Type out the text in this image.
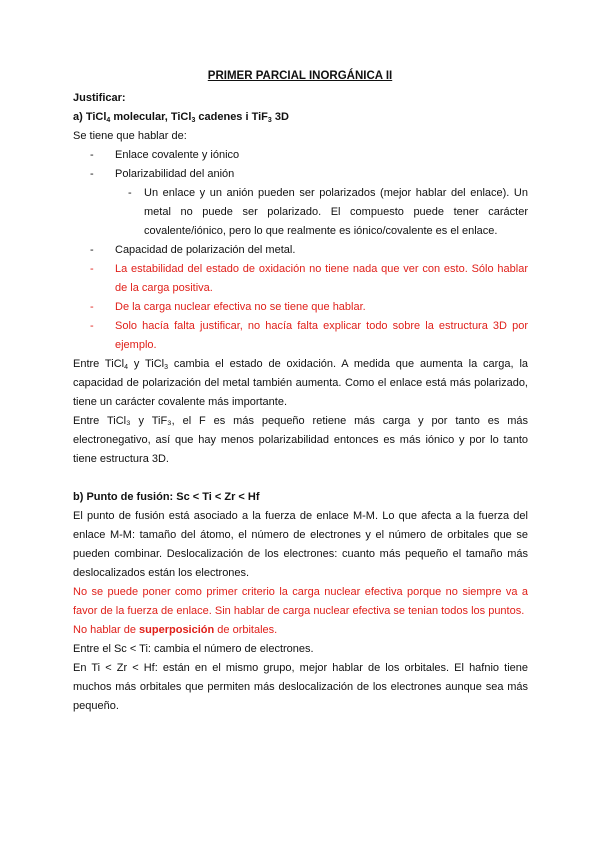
PRIMER PARCIAL INORGÁNICA II

Justificar:

a) TiCl$_4$ molecular, TiCl$_3$ cadenes i TiF$_3$ 3D

Se tiene que hablar de:

- Enlace covalente y iónico

- Polarizabilidad del anión

- Un enlace y un anión pueden ser polarizados (mejor hablar del enlace). Un metal no puede ser polarizado. El compuesto puede tener carácter covalente/iónico, pero lo que realmente es iónico/covalente es el enlace.

- Capacidad de polarización del metal.

- La estabilidad del estado de oxidación no tiene nada que ver con esto. Sólo hablar de la carga positiva.

- De la carga nuclear efectiva no se tiene que hablar.

- Solo hacía falta justificar, no hacía falta explicar todo sobre la estructura 3D por ejemplo.

Entre TiCl$_4$ y TiCl$_3$ cambia el estado de oxidación. A medida que aumenta la carga, la capacidad de polarización del metal también aumenta. Como el enlace está más polarizado, tiene un carácter covalente más importante.

Entre TiCl₃ y TiF₃, el F es más pequeño retiene más carga y por tanto es más electronegativo, así que hay menos polarizabilidad entonces es más iónico y por lo tanto tiene estructura 3D.

b) Punto de fusión: Sc < Ti < Zr < Hf

El punto de fusión está asociado a la fuerza de enlace M-M. Lo que afecta a la fuerza del enlace M-M: tamaño del átomo, el número de electrones y el número de orbitales que se pueden combinar. Deslocalización de los electrones: cuanto más pequeño el tamaño más deslocalizados están los electrones.

No se puede poner como primer criterio la carga nuclear efectiva porque no siempre va a favor de la fuerza de enlace. Sin hablar de carga nuclear efectiva se tenian todos los puntos.

No hablar de superposición de orbitales.

Entre el Sc < Ti: cambia el número de electrones.

En Ti < Zr < Hf: están en el mismo grupo, mejor hablar de los orbitales. El hafnio tiene muchos más orbitales que permiten más deslocalización de los electrones aunque sea más pequeño.
